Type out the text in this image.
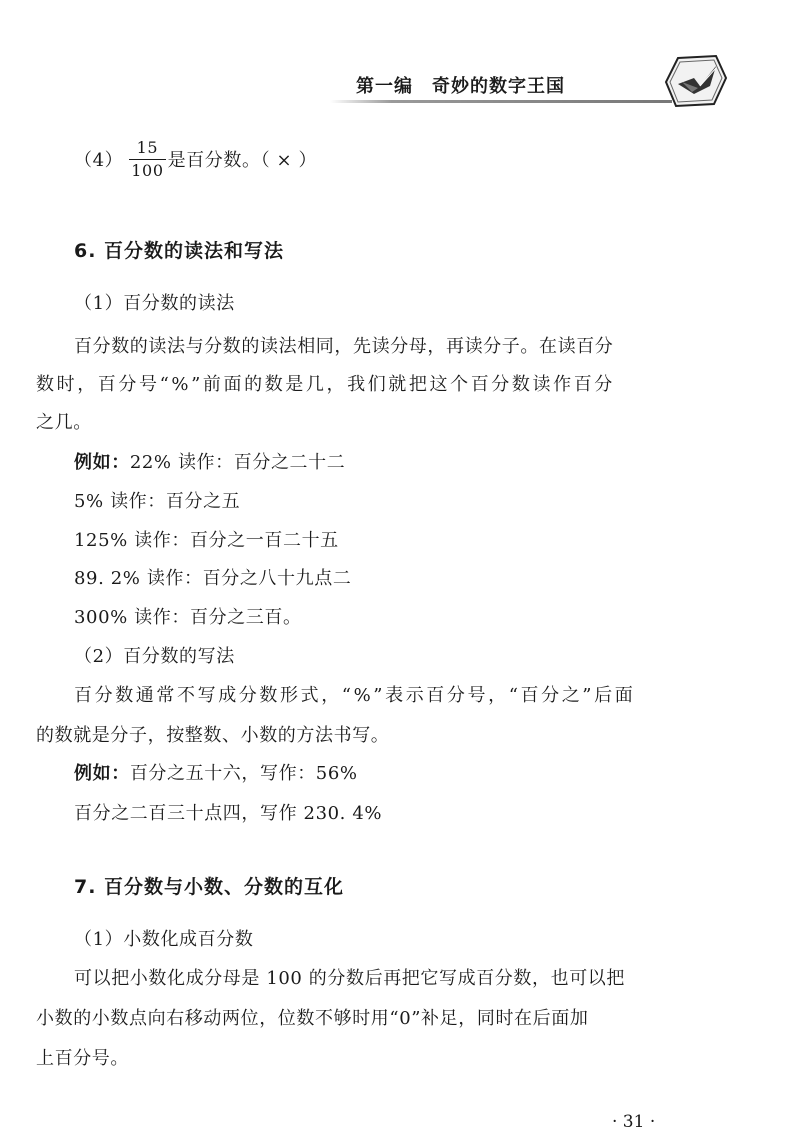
第一编　奇妙的数字王国
$(4) \frac{15}{100}$ 是百分数。（ × ）
6. 百分数的读法和写法
（1）百分数的读法
百分数的读法与分数的读法相同，先读分母，再读分子。在读百分
数时，百分号“%”前面的数是几，我们就把这个百分数读作百分
之几。
例如：22% 读作：百分之二十二
5% 读作：百分之五
125% 读作：百分之一百二十五
89. 2% 读作：百分之八十九点二
300% 读作：百分之三百。
（2）百分数的写法
百分数通常不写成分数形式，“%”表示百分号，“百分之”后面
的数就是分子，按整数、小数的方法书写。
例如：百分之五十六，写作：56%
百分之二百三十点四，写作 230. 4%
7. 百分数与小数、分数的互化
（1）小数化成百分数
可以把小数化成分母是 100 的分数后再把它写成百分数，也可以把
小数的小数点向右移动两位，位数不够时用“0”补足，同时在后面加
上百分号。
· 31 ·
